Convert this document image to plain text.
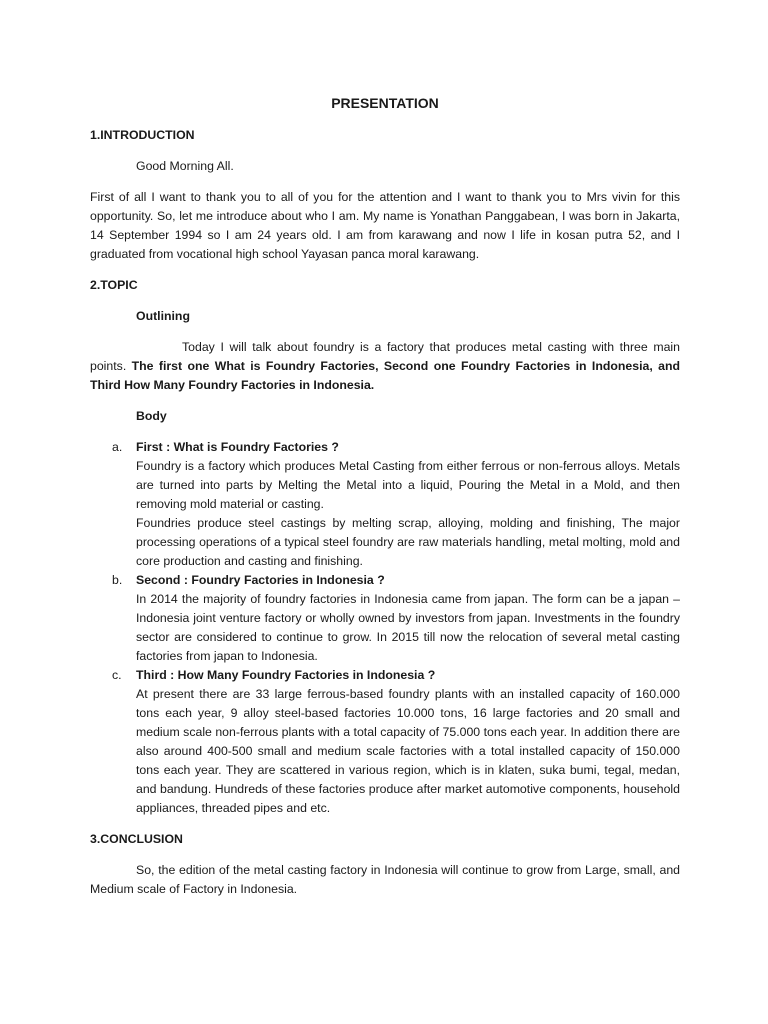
PRESENTATION
1.INTRODUCTION
Good Morning All.
First of all I want to thank you to all of you for the attention and I want to thank you to Mrs vivin for this opportunity. So, let me introduce about who I am. My name is Yonathan Panggabean, I was born in Jakarta, 14 September 1994 so I am 24 years old. I am from karawang and now I life in kosan putra 52, and I graduated from vocational high school Yayasan panca moral karawang.
2.TOPIC
Outlining
Today I will talk about foundry is a factory that produces metal casting with three main points. The first one What is Foundry Factories, Second one Foundry Factories in Indonesia, and Third How Many Foundry Factories in Indonesia.
Body
a. First : What is Foundry Factories ?
Foundry is a factory which produces Metal Casting from either ferrous or non-ferrous alloys. Metals are turned into parts by Melting the Metal into a liquid, Pouring the Metal in a Mold, and then removing mold material or casting.
Foundries produce steel castings by melting scrap, alloying, molding and finishing, The major processing operations of a typical steel foundry are raw materials handling, metal molting, mold and core production and casting and finishing.
b. Second : Foundry Factories in Indonesia ?
In 2014 the majority of foundry factories in Indonesia came from japan. The form can be a japan – Indonesia joint venture factory or wholly owned by investors from japan. Investments in the foundry sector are considered to continue to grow. In 2015 till now the relocation of several metal casting factories from japan to Indonesia.
c. Third : How Many Foundry Factories in Indonesia ?
At present there are 33 large ferrous-based foundry plants with an installed capacity of 160.000 tons each year, 9 alloy steel-based factories 10.000 tons, 16 large factories and 20 small and medium scale non-ferrous plants with a total capacity of 75.000 tons each year. In addition there are also around 400-500 small and medium scale factories with a total installed capacity of 150.000 tons each year. They are scattered in various region, which is in klaten, suka bumi, tegal, medan, and bandung. Hundreds of these factories produce after market automotive components, household appliances, threaded pipes and etc.
3.CONCLUSION
So, the edition of the metal casting factory in Indonesia will continue to grow from Large, small, and Medium scale of Factory in Indonesia.
